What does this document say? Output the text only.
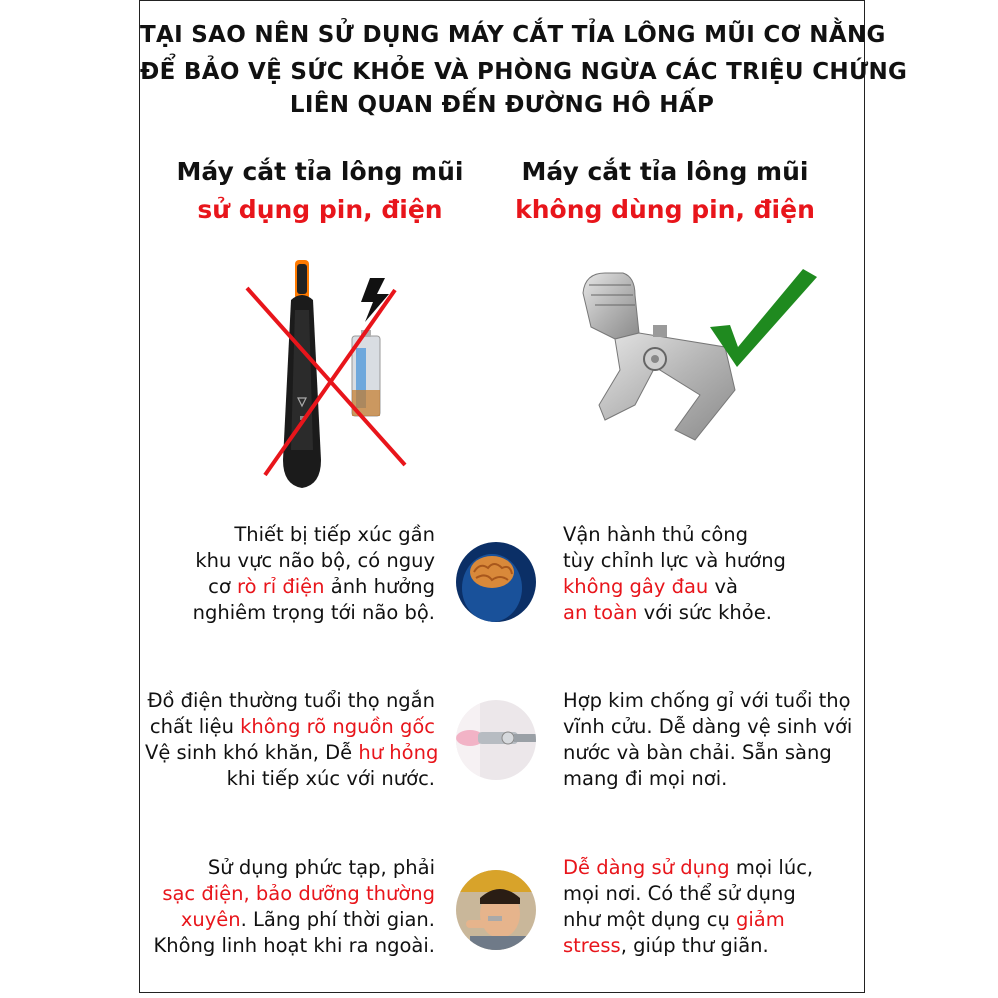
TẠI SAO NÊN SỬ DỤNG MÁY CẮT TỈA LÔNG MŨI CƠ NẰNG
ĐỂ BẢO VỆ SỨC KHỎE VÀ PHÒNG NGỪA CÁC TRIỆU CHỨNG
LIÊN QUAN ĐẾN ĐƯỜNG HÔ HẤP
Máy cắt tỉa lông mũi
sử dụng pin, điện
Máy cắt tỉa lông mũi
không dùng pin, điện
Thiết bị tiếp xúc gần
khu vực não bộ, có nguy
cơ rò rỉ điện ảnh hưởng
nghiêm trọng tới não bộ.
Vận hành thủ công
tùy chỉnh lực và hướng
không gây đau và
an toàn với sức khỏe.
Đồ điện thường tuổi thọ ngắn
chất liệu không rõ nguồn gốc
Vệ sinh khó khăn, Dễ hư hỏng
khi tiếp xúc với nước.
Hợp kim chống gỉ với tuổi thọ
vĩnh cửu. Dễ dàng vệ sinh với
nước và bàn chải. Sẵn sàng
mang đi mọi nơi.
Sử dụng phức tạp, phải
sạc điện, bảo dưỡng thường
xuyên. Lãng phí thời gian.
Không linh hoạt khi ra ngoài.
Dễ dàng sử dụng mọi lúc,
mọi nơi. Có thể sử dụng
như một dụng cụ giảm
stress, giúp thư giãn.
